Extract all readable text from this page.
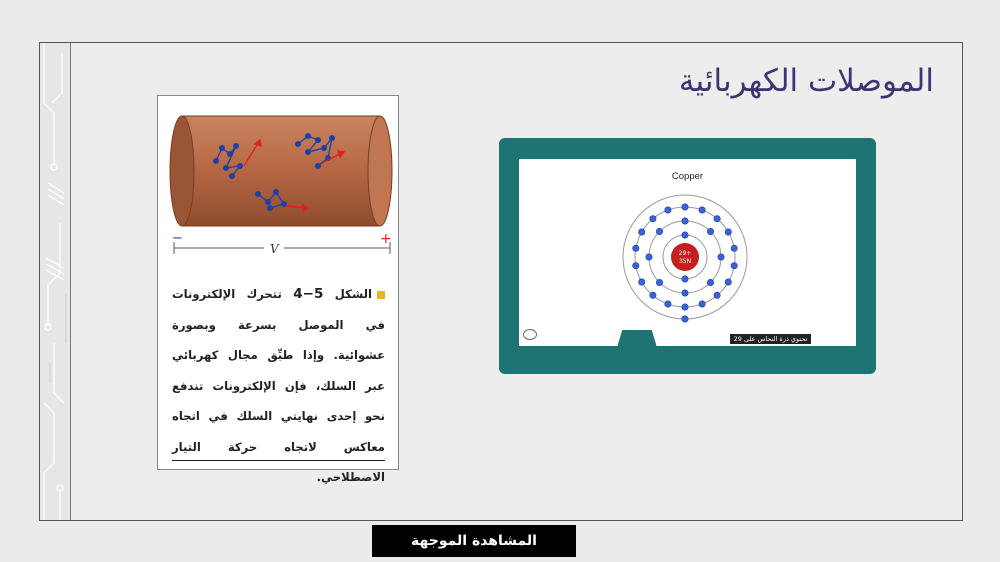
الموصلات الكهربائية
−	+
V
الشكل 4−5 تتحرك الإلكترونات في الموصل بسرعة وبصورة عشوائية. وإذا طبِّق مجال كهربائي عبر السلك، فإن الإلكترونات تندفع نحو إحدى نهايتي السلك في اتجاه معاكس لاتجاه حركة التيار الاصطلاحي.
Copper
29+
35N
تحتوي ذرة النحاس على 29
المشاهدة الموجهة
